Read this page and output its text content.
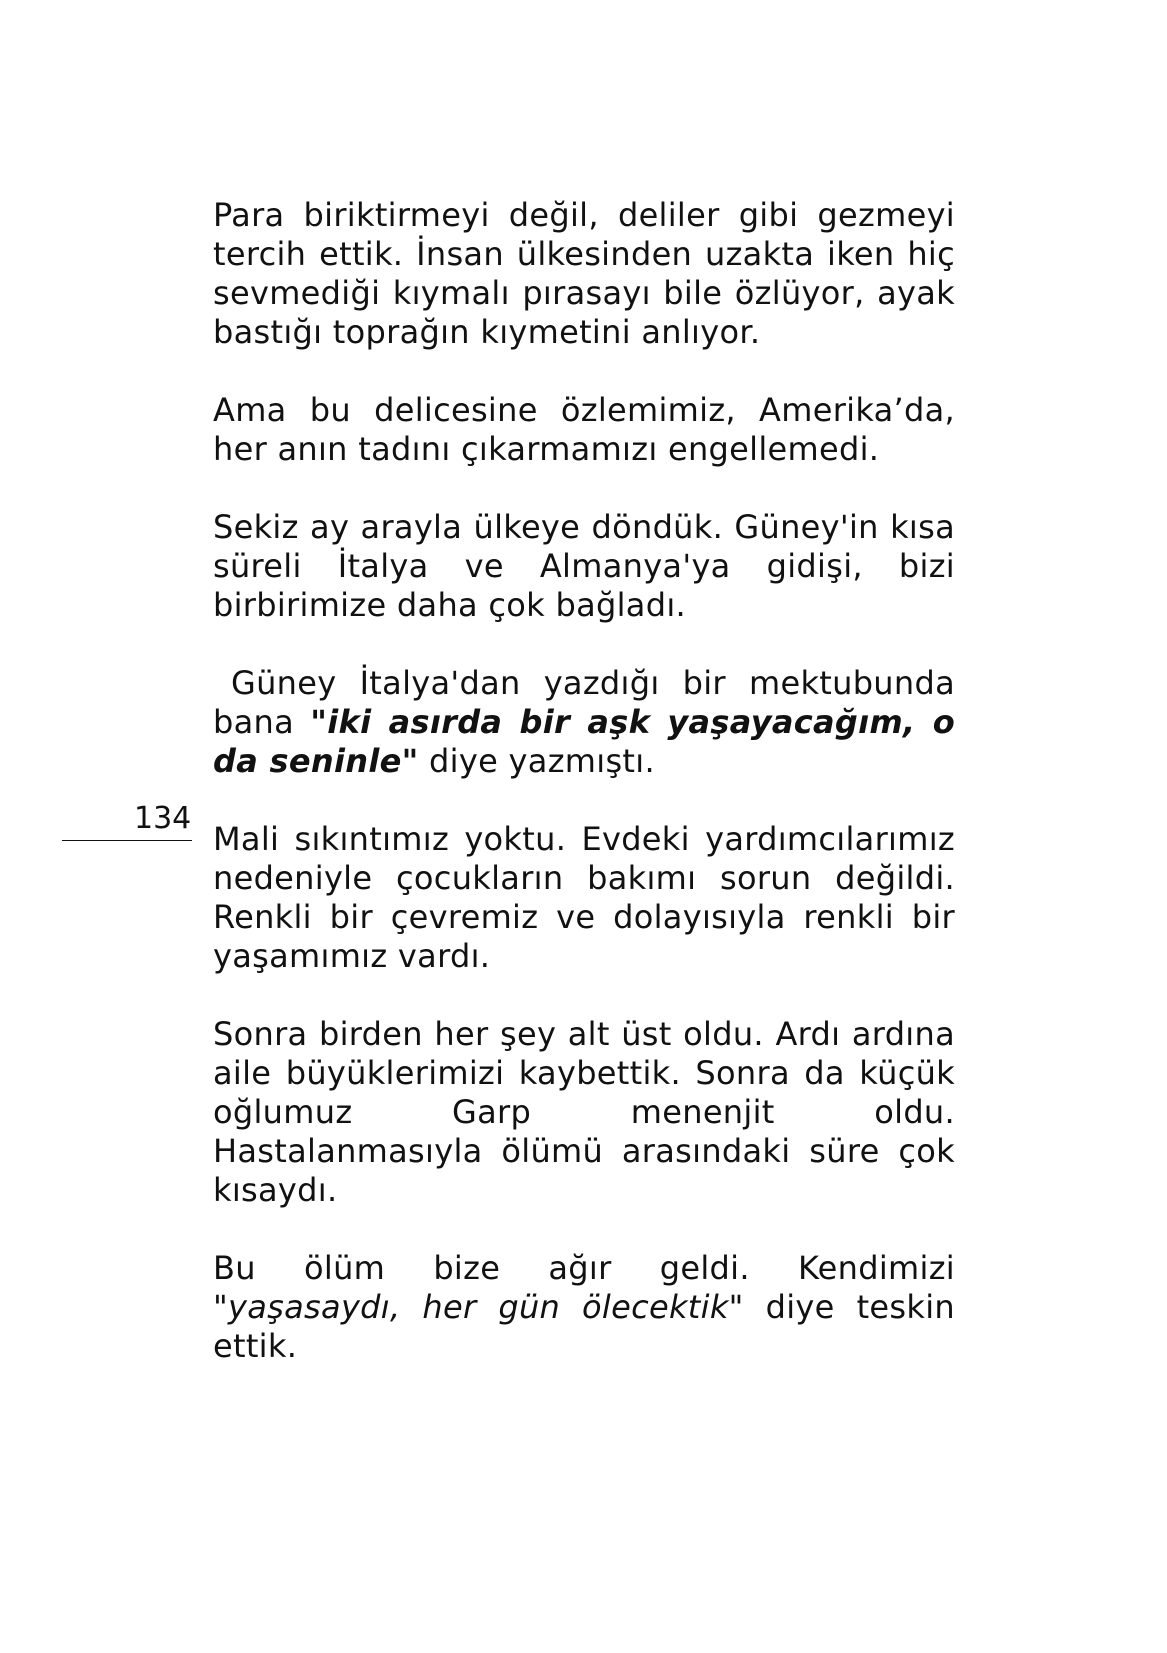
Para biriktirmeyi değil, deliler gibi gezmeyi tercih ettik. İnsan ülkesinden uzakta iken hiç sevmediği kıymalı pırasayı bile özlüyor, ayak bastığı toprağın kıymetini anlıyor.

Ama bu delicesine özlemimiz, Amerika’da, her anın tadını çıkarmamızı engellemedi.

Sekiz ay arayla ülkeye döndük. Güney'in kısa süreli İtalya ve Almanya'ya gidişi, bizi birbirimize daha çok bağladı.

Güney İtalya'dan yazdığı bir mektubunda bana "iki asırda bir aşk yaşayacağım, o da seninle" diye yazmıştı.

Mali sıkıntımız yoktu. Evdeki yardımcılarımız nedeniyle çocukların bakımı sorun değildi. Renkli bir çevremiz ve dolayısıyla renkli bir yaşamımız vardı.

Sonra birden her şey alt üst oldu. Ardı ardına aile büyüklerimizi kaybettik. Sonra da küçük oğlumuz Garp menenjit oldu. Hastalanmasıyla ölümü arasındaki süre çok kısaydı.

Bu ölüm bize ağır geldi. Kendimizi "yaşasaydı, her gün ölecektik" diye teskin ettik.

134
